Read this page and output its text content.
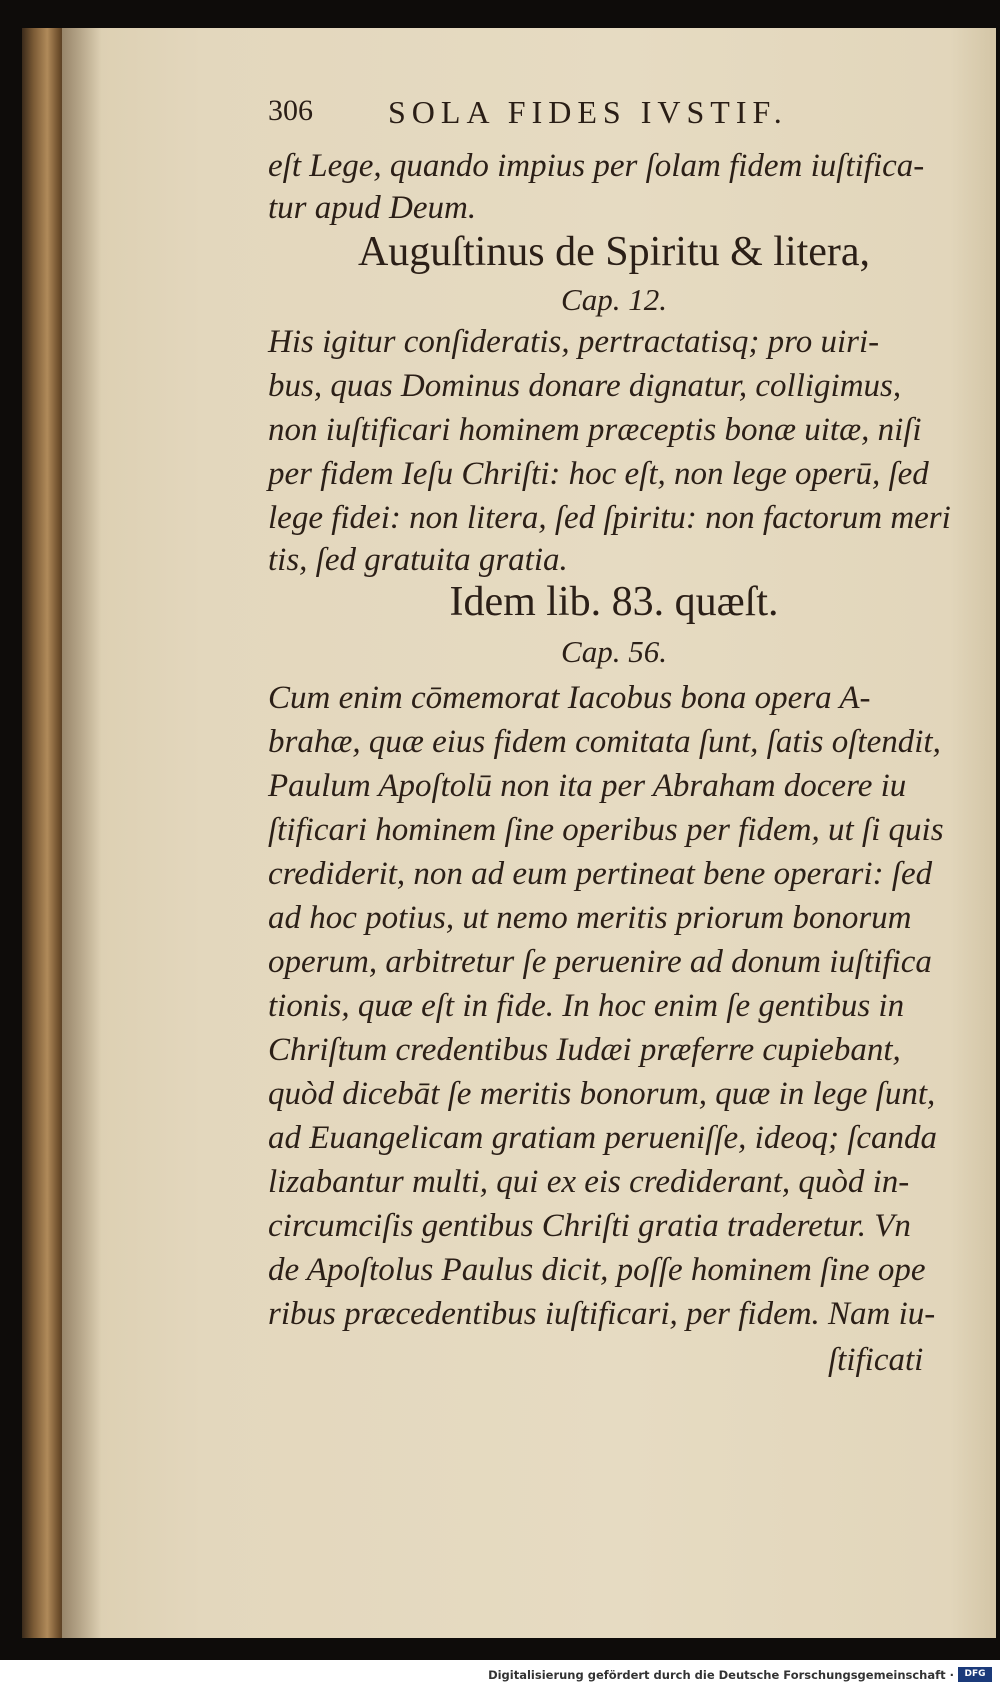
306 SOLA FIDES IVSTIF.
eſt Lege, quando impius per ſolam fidem iuſtifica-
tur apud Deum.
Auguſtinus de Spiritu & litera,
Cap. 12.
His igitur conſideratis, pertractatisq; pro uiri-
bus, quas Dominus donare dignatur, colligimus,
non iuſtificari hominem præceptis bonæ uitæ, niſi
per fidem Ieſu Chriſti: hoc eſt, non lege operū, ſed
lege fidei: non litera, ſed ſpiritu: non factorum meri
tis, ſed gratuita gratia.
Idem lib. 83. quæſt.
Cap. 56.
Cum enim cōmemorat Iacobus bona opera A-
brahæ, quæ eius fidem comitata ſunt, ſatis oſtendit,
Paulum Apoſtolū non ita per Abraham docere iu
ſtificari hominem ſine operibus per fidem, ut ſi quis
crediderit, non ad eum pertineat bene operari: ſed
ad hoc potius, ut nemo meritis priorum bonorum
operum, arbitretur ſe peruenire ad donum iuſtifica
tionis, quæ eſt in fide. In hoc enim ſe gentibus in
Chriſtum credentibus Iudæi præferre cupiebant,
quòd dicebāt ſe meritis bonorum, quæ in lege ſunt,
ad Euangelicam gratiam perueniſſe, ideoq; ſcanda
lizabantur multi, qui ex eis crediderant, quòd in-
circumciſis gentibus Chriſti gratia traderetur. Vn
de Apoſtolus Paulus dicit, poſſe hominem ſine ope
ribus præcedentibus iuſtificari, per fidem. Nam iu-
ſtificati
Digitalisierung gefördert durch die Deutsche Forschungsgemeinschaft ·	DFG
